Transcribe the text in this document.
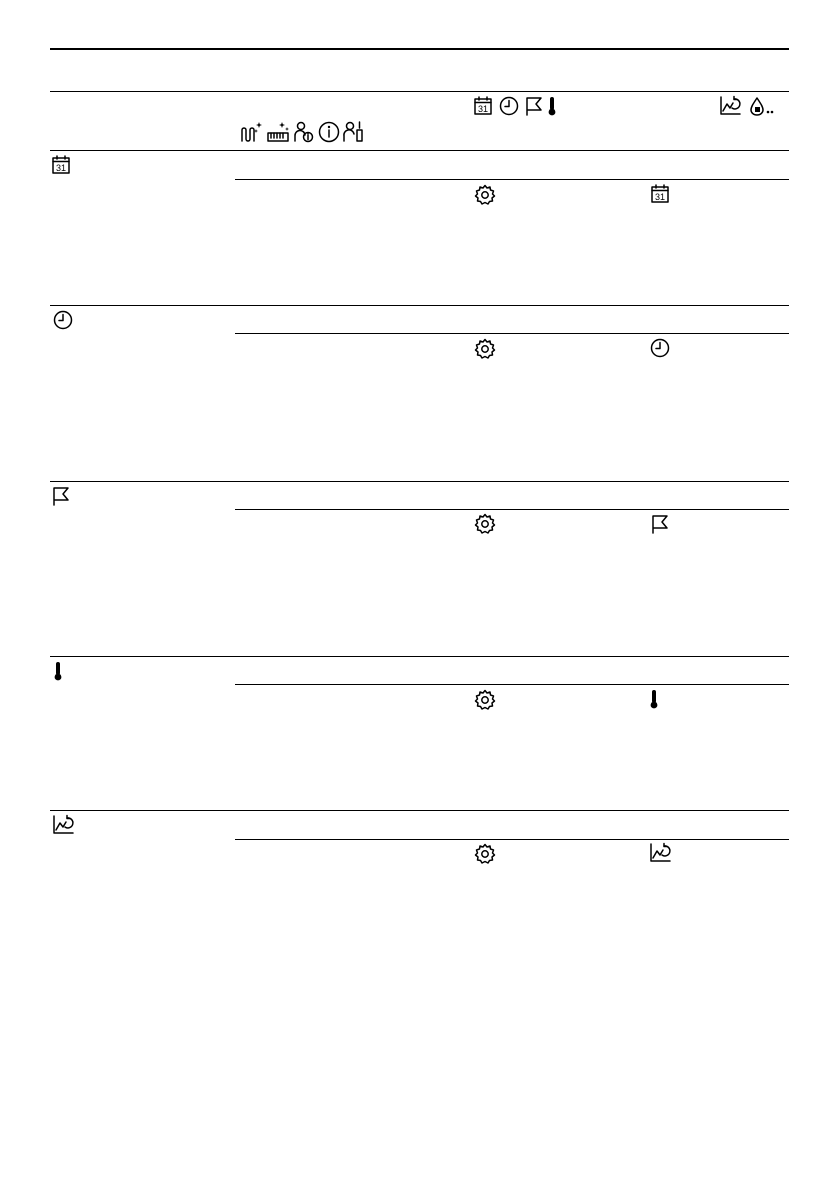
31
31
31
